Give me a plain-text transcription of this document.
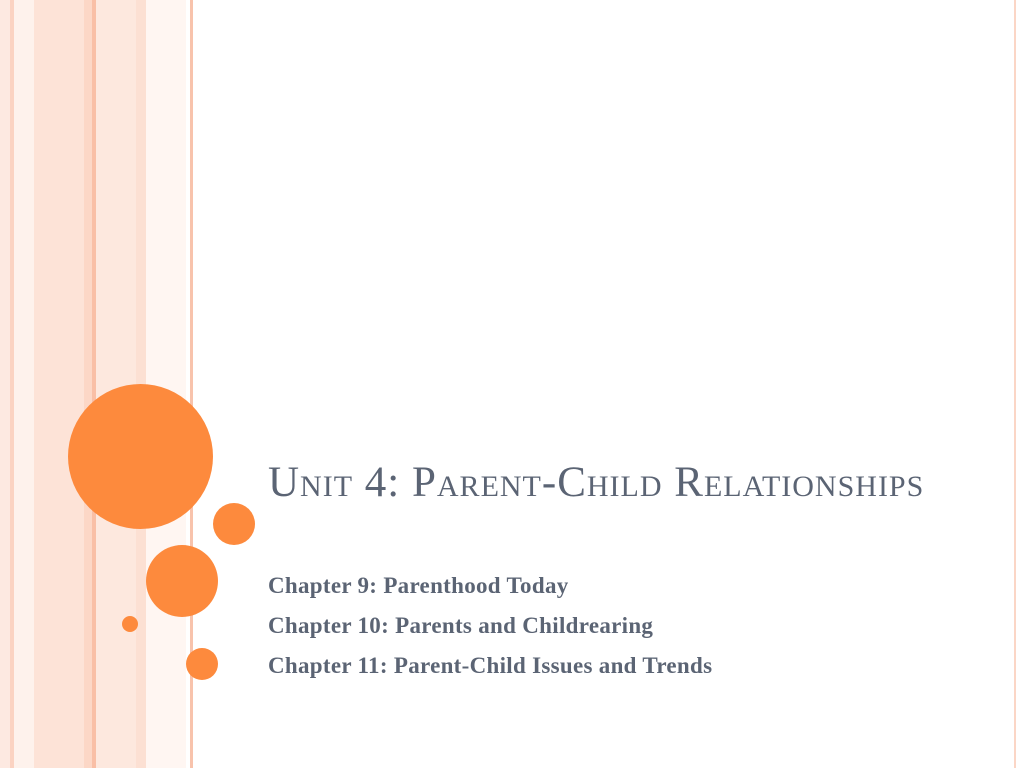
Unit 4: Parent-Child Relationships
Chapter 9: Parenthood Today
Chapter 10: Parents and Childrearing
Chapter 11: Parent-Child Issues and Trends
